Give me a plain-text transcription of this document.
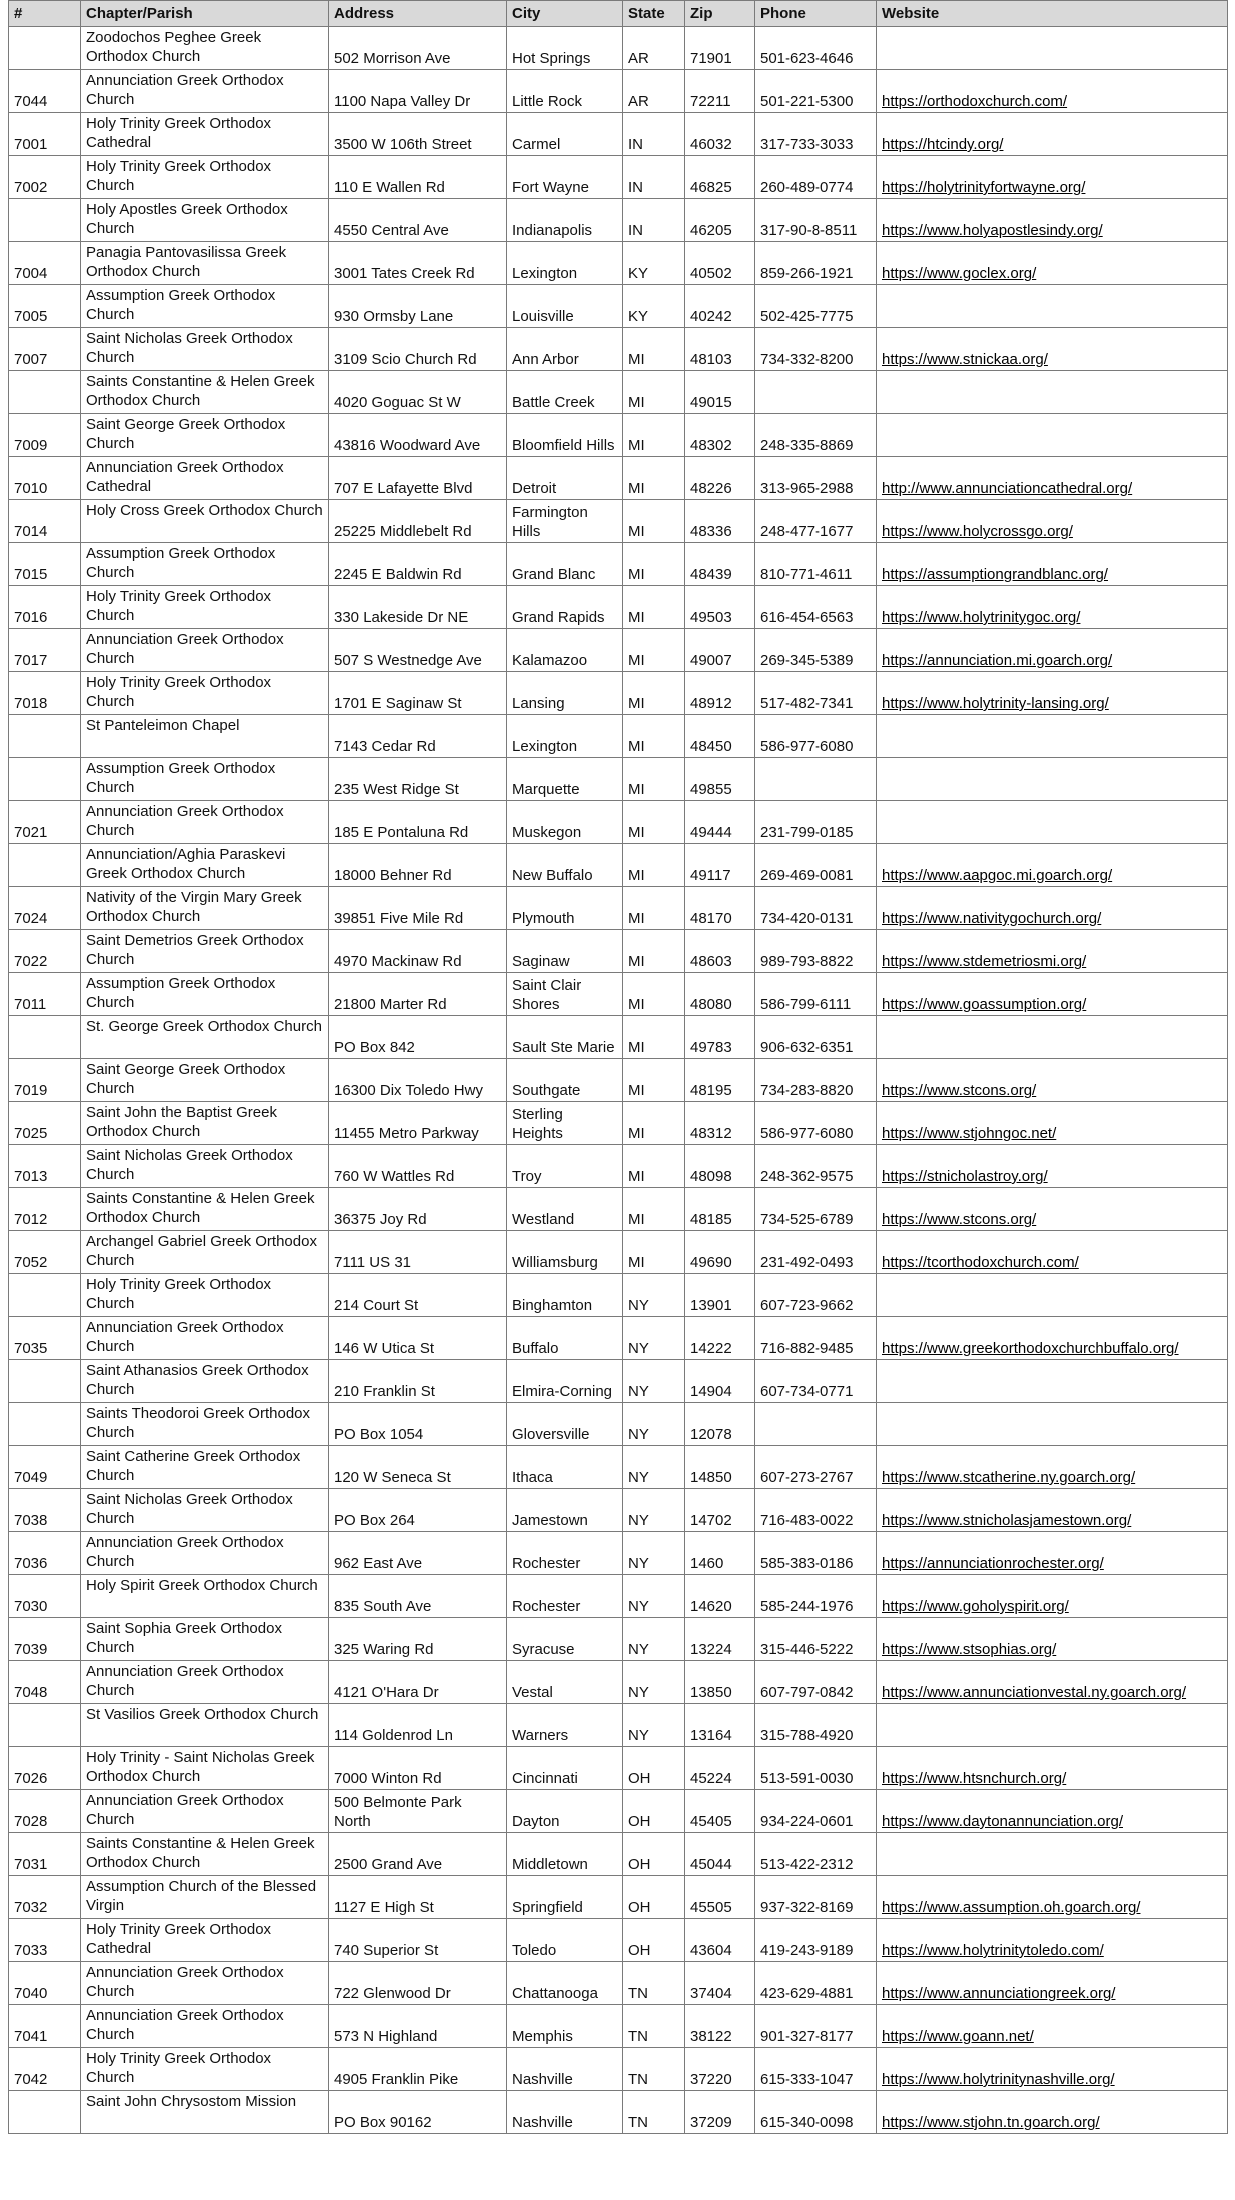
#	Chapter/Parish	Address	City	State	Zip	Phone	Website
	Zoodochos Peghee Greek Orthodox Church	502 Morrison Ave	Hot Springs	AR	71901	501-623-4646	
7044	Annunciation Greek Orthodox Church	1100 Napa Valley Dr	Little Rock	AR	72211	501-221-5300	https://orthodoxchurch.com/
7001	Holy Trinity Greek Orthodox Cathedral	3500 W 106th Street	Carmel	IN	46032	317-733-3033	https://htcindy.org/
7002	Holy Trinity Greek Orthodox Church	110 E Wallen Rd	Fort Wayne	IN	46825	260-489-0774	https://holytrinityfortwayne.org/
	Holy Apostles Greek Orthodox Church	4550 Central Ave	Indianapolis	IN	46205	317-90-8-8511	https://www.holyapostlesindy.org/
7004	Panagia Pantovasilissa Greek Orthodox Church	3001 Tates Creek Rd	Lexington	KY	40502	859-266-1921	https://www.goclex.org/
7005	Assumption Greek Orthodox Church	930 Ormsby Lane	Louisville	KY	40242	502-425-7775	
7007	Saint Nicholas Greek Orthodox Church	3109 Scio Church Rd	Ann Arbor	MI	48103	734-332-8200	https://www.stnickaa.org/
	Saints Constantine & Helen Greek Orthodox Church	4020 Goguac St W	Battle Creek	MI	49015		
7009	Saint George Greek Orthodox Church	43816 Woodward Ave	Bloomfield Hills	MI	48302	248-335-8869	
7010	Annunciation Greek Orthodox Cathedral	707 E Lafayette Blvd	Detroit	MI	48226	313-965-2988	http://www.annunciationcathedral.org/
7014	Holy Cross Greek Orthodox Church	25225 Middlebelt Rd	Farmington Hills	MI	48336	248-477-1677	https://www.holycrossgo.org/
7015	Assumption Greek Orthodox Church	2245 E Baldwin Rd	Grand Blanc	MI	48439	810-771-4611	https://assumptiongrandblanc.org/
7016	Holy Trinity Greek Orthodox Church	330 Lakeside Dr NE	Grand Rapids	MI	49503	616-454-6563	https://www.holytrinitygoc.org/
7017	Annunciation Greek Orthodox Church	507 S Westnedge Ave	Kalamazoo	MI	49007	269-345-5389	https://annunciation.mi.goarch.org/
7018	Holy Trinity Greek Orthodox Church	1701 E Saginaw St	Lansing	MI	48912	517-482-7341	https://www.holytrinity-lansing.org/
	St Panteleimon Chapel	7143 Cedar Rd	Lexington	MI	48450	586-977-6080	
	Assumption Greek Orthodox Church	235 West Ridge St	Marquette	MI	49855		
7021	Annunciation Greek Orthodox Church	185 E Pontaluna Rd	Muskegon	MI	49444	231-799-0185	
	Annunciation/Aghia Paraskevi Greek Orthodox Church	18000 Behner Rd	New Buffalo	MI	49117	269-469-0081	https://www.aapgoc.mi.goarch.org/
7024	Nativity of the Virgin Mary Greek Orthodox Church	39851 Five Mile Rd	Plymouth	MI	48170	734-420-0131	https://www.nativitygochurch.org/
7022	Saint Demetrios Greek Orthodox Church	4970 Mackinaw Rd	Saginaw	MI	48603	989-793-8822	https://www.stdemetriosmi.org/
7011	Assumption Greek Orthodox Church	21800 Marter Rd	Saint Clair Shores	MI	48080	586-799-6111	https://www.goassumption.org/
	St. George Greek Orthodox Church	PO Box 842	Sault Ste Marie	MI	49783	906-632-6351	
7019	Saint George Greek Orthodox Church	16300 Dix Toledo Hwy	Southgate	MI	48195	734-283-8820	https://www.stcons.org/
7025	Saint John the Baptist Greek Orthodox Church	11455 Metro Parkway	Sterling Heights	MI	48312	586-977-6080	https://www.stjohngoc.net/
7013	Saint Nicholas Greek Orthodox Church	760 W Wattles Rd	Troy	MI	48098	248-362-9575	https://stnicholastroy.org/
7012	Saints Constantine & Helen Greek Orthodox Church	36375 Joy Rd	Westland	MI	48185	734-525-6789	https://www.stcons.org/
7052	Archangel Gabriel Greek Orthodox Church	7111 US 31	Williamsburg	MI	49690	231-492-0493	https://tcorthodoxchurch.com/
	Holy Trinity Greek Orthodox Church	214 Court St	Binghamton	NY	13901	607-723-9662	
7035	Annunciation Greek Orthodox Church	146 W Utica St	Buffalo	NY	14222	716-882-9485	https://www.greekorthodoxchurchbuffalo.org/
	Saint Athanasios Greek Orthodox Church	210 Franklin St	Elmira-Corning	NY	14904	607-734-0771	
	Saints Theodoroi Greek Orthodox Church	PO Box 1054	Gloversville	NY	12078		
7049	Saint Catherine Greek Orthodox Church	120 W Seneca St	Ithaca	NY	14850	607-273-2767	https://www.stcatherine.ny.goarch.org/
7038	Saint Nicholas Greek Orthodox Church	PO Box 264	Jamestown	NY	14702	716-483-0022	https://www.stnicholasjamestown.org/
7036	Annunciation Greek Orthodox Church	962 East Ave	Rochester	NY	1460	585-383-0186	https://annunciationrochester.org/
7030	Holy Spirit Greek Orthodox Church	835 South Ave	Rochester	NY	14620	585-244-1976	https://www.goholyspirit.org/
7039	Saint Sophia Greek Orthodox Church	325 Waring Rd	Syracuse	NY	13224	315-446-5222	https://www.stsophias.org/
7048	Annunciation Greek Orthodox Church	4121 O'Hara Dr	Vestal	NY	13850	607-797-0842	https://www.annunciationvestal.ny.goarch.org/
	St Vasilios Greek Orthodox Church	114 Goldenrod Ln	Warners	NY	13164	315-788-4920	
7026	Holy Trinity - Saint Nicholas Greek Orthodox Church	7000 Winton Rd	Cincinnati	OH	45224	513-591-0030	https://www.htsnchurch.org/
7028	Annunciation Greek Orthodox Church	500 Belmonte Park North	Dayton	OH	45405	934-224-0601	https://www.daytonannunciation.org/
7031	Saints Constantine & Helen Greek Orthodox Church	2500 Grand Ave	Middletown	OH	45044	513-422-2312	
7032	Assumption Church of the Blessed Virgin	1127 E High St	Springfield	OH	45505	937-322-8169	https://www.assumption.oh.goarch.org/
7033	Holy Trinity Greek Orthodox Cathedral	740 Superior St	Toledo	OH	43604	419-243-9189	https://www.holytrinitytoledo.com/
7040	Annunciation Greek Orthodox Church	722 Glenwood Dr	Chattanooga	TN	37404	423-629-4881	https://www.annunciationgreek.org/
7041	Annunciation Greek Orthodox Church	573 N Highland	Memphis	TN	38122	901-327-8177	https://www.goann.net/
7042	Holy Trinity Greek Orthodox Church	4905 Franklin Pike	Nashville	TN	37220	615-333-1047	https://www.holytrinitynashville.org/
	Saint John Chrysostom Mission	PO Box 90162	Nashville	TN	37209	615-340-0098	https://www.stjohn.tn.goarch.org/
